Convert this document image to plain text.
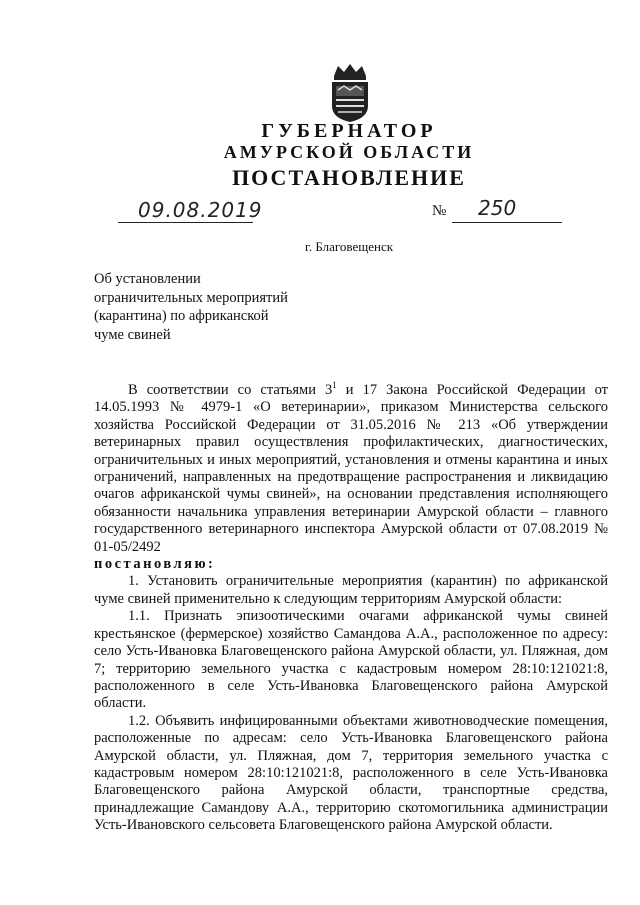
ГУБЕРНАТОР
АМУРСКОЙ ОБЛАСТИ
ПОСТАНОВЛЕНИЕ
09.08.2019	№ 250
г. Благовещенск
Об установлении
ограничительных мероприятий
(карантина) по африканской
чуме свиней

В соответствии со статьями $3^1$ и 17 Закона Российской Федерации от 14.05.1993 № 4979-1 «О ветеринарии», приказом Министерства сельского хозяйства Российской Федерации от 31.05.2016 № 213 «Об утверждении ветеринарных правил осуществления профилактических, диагностических, ограничительных и иных мероприятий, установления и отмены карантина и иных ограничений, направленных на предотвращение распространения и ликвидацию очагов африканской чумы свиней», на основании представления исполняющего обязанности начальника управления ветеринарии Амурской области – главного государственного ветеринарного инспектора Амурской области от 07.08.2019 № 01-05/2492

постановляю:

1. Установить ограничительные мероприятия (карантин) по африканской чуме свиней применительно к следующим территориям Амурской области:

1.1. Признать эпизоотическими очагами африканской чумы свиней крестьянское (фермерское) хозяйство Самандова А.А., расположенное по адресу: село Усть-Ивановка Благовещенского района Амурской области, ул. Пляжная, дом 7; территорию земельного участка с кадастровым номером 28:10:121021:8, расположенного в селе Усть-Ивановка Благовещенского района Амурской области.

1.2. Объявить инфицированными объектами животноводческие помещения, расположенные по адресам: село Усть-Ивановка Благовещенского района Амурской области, ул. Пляжная, дом 7, территория земельного участка с кадастровым номером 28:10:121021:8, расположенного в селе Усть-Ивановка Благовещенского района Амурской области, транспортные средства, принадлежащие Самандову А.А., территорию скотомогильника администрации Усть-Ивановского сельсовета Благовещенского района Амурской области.
